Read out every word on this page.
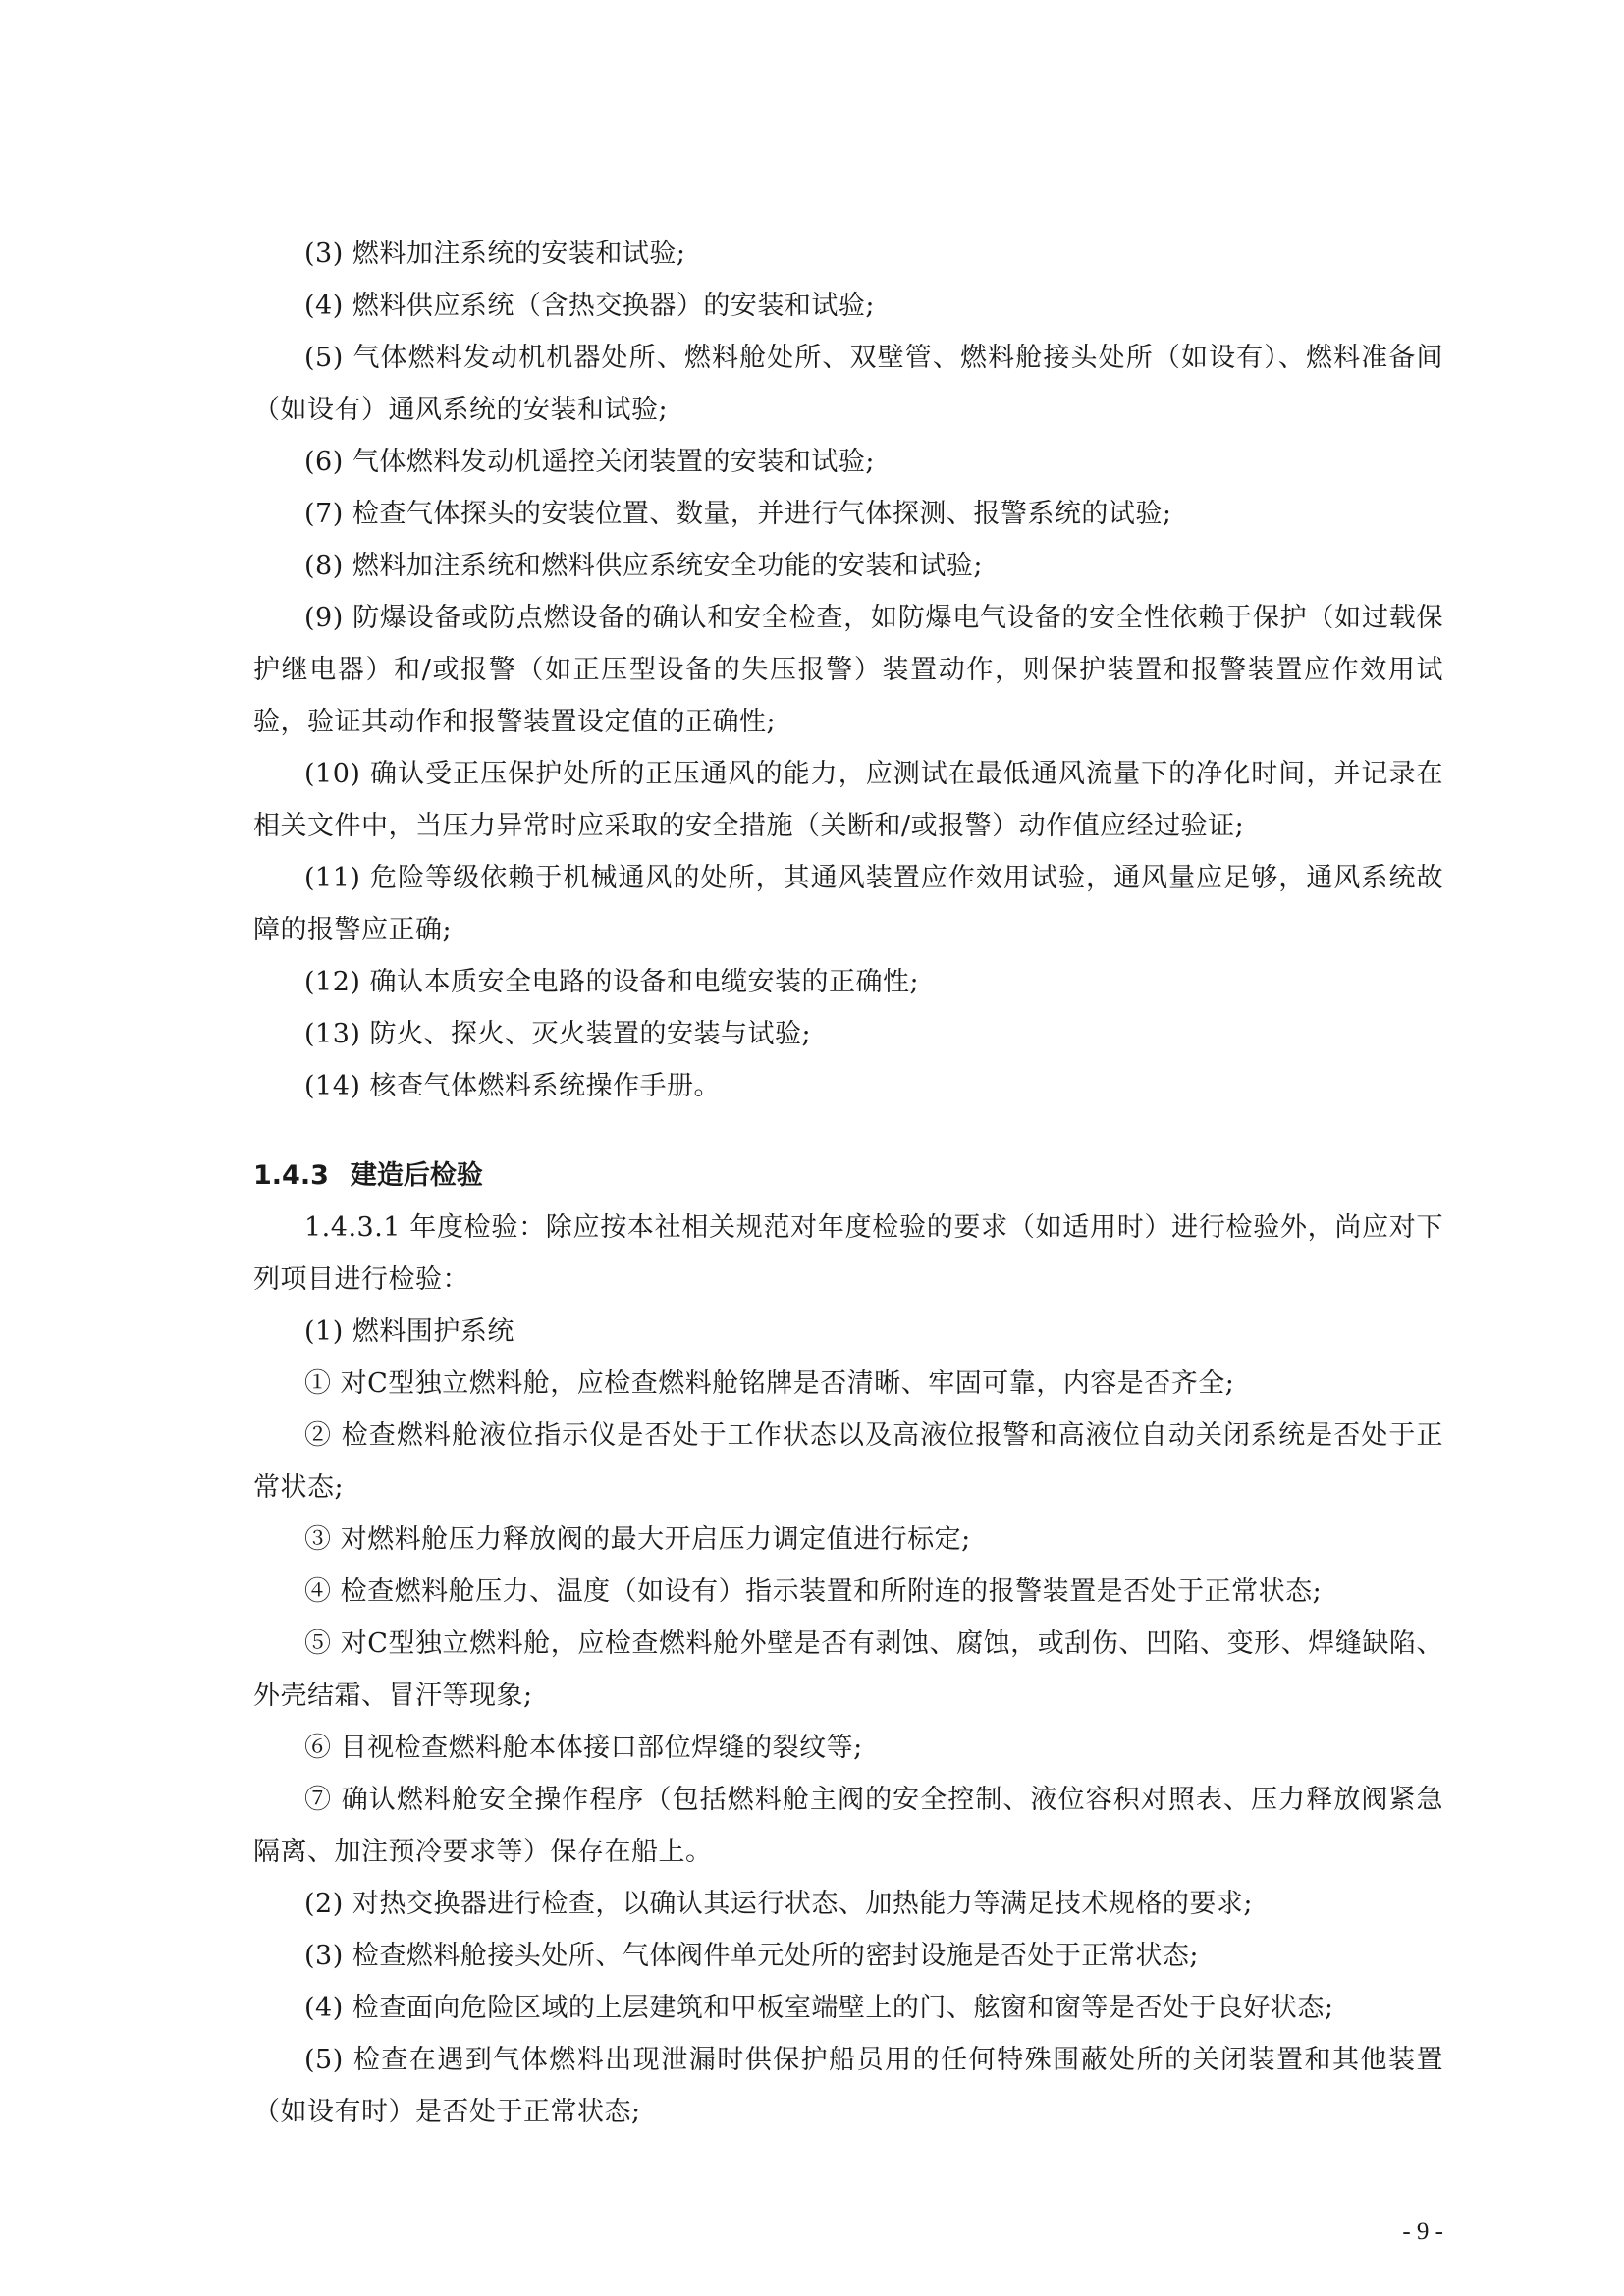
(3) 燃料加注系统的安装和试验;

(4) 燃料供应系统（含热交换器）的安装和试验;

(5) 气体燃料发动机机器处所、燃料舱处所、双壁管、燃料舱接头处所（如设有）、燃料准备间（如设有）通风系统的安装和试验;

(6) 气体燃料发动机遥控关闭装置的安装和试验;

(7) 检查气体探头的安装位置、数量，并进行气体探测、报警系统的试验;

(8) 燃料加注系统和燃料供应系统安全功能的安装和试验;

(9) 防爆设备或防点燃设备的确认和安全检查，如防爆电气设备的安全性依赖于保护（如过载保护继电器）和/或报警（如正压型设备的失压报警）装置动作，则保护装置和报警装置应作效用试验，验证其动作和报警装置设定值的正确性;

(10) 确认受正压保护处所的正压通风的能力，应测试在最低通风流量下的净化时间，并记录在相关文件中，当压力异常时应采取的安全措施（关断和/或报警）动作值应经过验证;

(11) 危险等级依赖于机械通风的处所，其通风装置应作效用试验，通风量应足够，通风系统故障的报警应正确;

(12) 确认本质安全电路的设备和电缆安装的正确性;

(13) 防火、探火、灭火装置的安装与试验;

(14) 核查气体燃料系统操作手册。

1.4.3 建造后检验

1.4.3.1 年度检验：除应按本社相关规范对年度检验的要求（如适用时）进行检验外，尚应对下列项目进行检验：

(1) 燃料围护系统

① 对C型独立燃料舱，应检查燃料舱铭牌是否清晰、牢固可靠，内容是否齐全;

② 检查燃料舱液位指示仪是否处于工作状态以及高液位报警和高液位自动关闭系统是否处于正常状态;

③ 对燃料舱压力释放阀的最大开启压力调定值进行标定;

④ 检查燃料舱压力、温度（如设有）指示装置和所附连的报警装置是否处于正常状态;

⑤ 对C型独立燃料舱，应检查燃料舱外壁是否有剥蚀、腐蚀，或刮伤、凹陷、变形、焊缝缺陷、外壳结霜、冒汗等现象;

⑥ 目视检查燃料舱本体接口部位焊缝的裂纹等;

⑦ 确认燃料舱安全操作程序（包括燃料舱主阀的安全控制、液位容积对照表、压力释放阀紧急隔离、加注预冷要求等）保存在船上。

(2) 对热交换器进行检查，以确认其运行状态、加热能力等满足技术规格的要求;

(3) 检查燃料舱接头处所、气体阀件单元处所的密封设施是否处于正常状态;

(4) 检查面向危险区域的上层建筑和甲板室端壁上的门、舷窗和窗等是否处于良好状态;

(5) 检查在遇到气体燃料出现泄漏时供保护船员用的任何特殊围蔽处所的关闭装置和其他装置（如设有时）是否处于正常状态;

- 9 -
